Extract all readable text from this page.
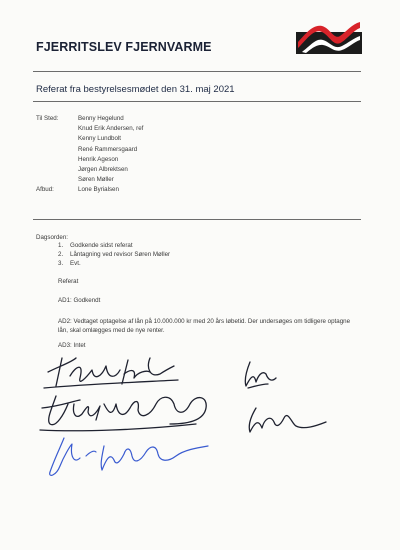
FJERRITSLEV FJERNVARME
Referat fra bestyrelsesmødet den 31. maj 2021
Til Sted:	Benny Hegelund
Knud Erik Andersen, ref
Kenny Lundbolt
René Rammersgaard
Henrik Ageson
Jørgen Albrektsen
Søren Møller
Afbud:	Lone Byrialsen
Dagsorden:
1. Godkende sidst referat
2. Låntagning ved revisor Søren Møller
3. Evt.
Referat
AD1: Godkendt
AD2: Vedtaget optagelse af lån på 10.000.000 kr med 20 års løbetid. Der undersøges om tidligere optagne lån, skal omlægges med de nye renter.
AD3: Intet
